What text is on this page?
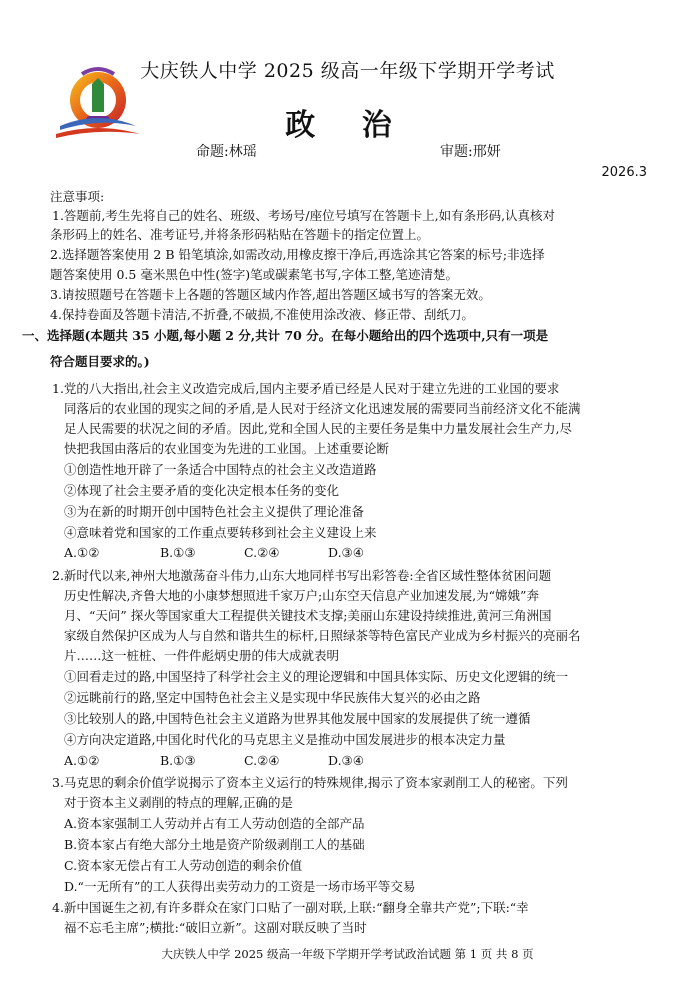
大庆铁人中学 2025 级高一年级下学期开学考试
政 治
命题:林瑶	审题:邢妍
2026.3
注意事项:
1.答题前,考生先将自己的姓名、班级、考场号/座位号填写在答题卡上,如有条形码,认真核对
条形码上的姓名、准考证号,并将条形码粘贴在答题卡的指定位置上。
2.选择题答案使用 2 B 铅笔填涂,如需改动,用橡皮擦干净后,再选涂其它答案的标号;非选择
题答案使用 0.5 毫米黑色中性(签字)笔或碳素笔书写,字体工整,笔迹清楚。
3.请按照题号在答题卡上各题的答题区域内作答,超出答题区域书写的答案无效。
4.保持卷面及答题卡清洁,不折叠,不破损,不准使用涂改液、修正带、刮纸刀。
一、选择题(本题共 35 小题,每小题 2 分,共计 70 分。在每小题给出的四个选项中,只有一项是
符合题目要求的。)
1.党的八大指出,社会主义改造完成后,国内主要矛盾已经是人民对于建立先进的工业国的要求
同落后的农业国的现实之间的矛盾,是人民对于经济文化迅速发展的需要同当前经济文化不能满
足人民需要的状况之间的矛盾。因此,党和全国人民的主要任务是集中力量发展社会生产力,尽
快把我国由落后的农业国变为先进的工业国。上述重要论断
①创造性地开辟了一条适合中国特点的社会主义改造道路
②体现了社会主要矛盾的变化决定根本任务的变化
③为在新的时期开创中国特色社会主义提供了理论准备
④意味着党和国家的工作重点要转移到社会主义建设上来
A.①②	B.①③	C.②④	D.③④
2.新时代以来,神州大地激荡奋斗伟力,山东大地同样书写出彩答卷:全省区域性整体贫困问题
历史性解决,齐鲁大地的小康梦想照进千家万户;山东空天信息产业加速发展,为“嫦娥”奔
月、“天问” 探火等国家重大工程提供关键技术支撑;美丽山东建设持续推进,黄河三角洲国
家级自然保护区成为人与自然和谐共生的标杆,日照绿茶等特色富民产业成为乡村振兴的亮丽名
片……这一桩桩、一件件彪炳史册的伟大成就表明
①回看走过的路,中国坚持了科学社会主义的理论逻辑和中国具体实际、历史文化逻辑的统一
②远眺前行的路,坚定中国特色社会主义是实现中华民族伟大复兴的必由之路
③比较别人的路,中国特色社会主义道路为世界其他发展中国家的发展提供了统一遵循
④方向决定道路,中国化时代化的马克思主义是推动中国发展进步的根本决定力量
A.①②	B.①③	C.②④	D.③④
3.马克思的剩余价值学说揭示了资本主义运行的特殊规律,揭示了资本家剥削工人的秘密。下列
对于资本主义剥削的特点的理解,正确的是
A.资本家强制工人劳动并占有工人劳动创造的全部产品
B.资本家占有绝大部分土地是资产阶级剥削工人的基础
C.资本家无偿占有工人劳动创造的剩余价值
D.“一无所有”的工人获得出卖劳动力的工资是一场市场平等交易
4.新中国诞生之初,有许多群众在家门口贴了一副对联,上联:“翻身全靠共产党”;下联:“幸
福不忘毛主席”;横批:“破旧立新”。这副对联反映了当时
大庆铁人中学 2025 级高一年级下学期开学考试政治试题 第 1 页 共 8 页
